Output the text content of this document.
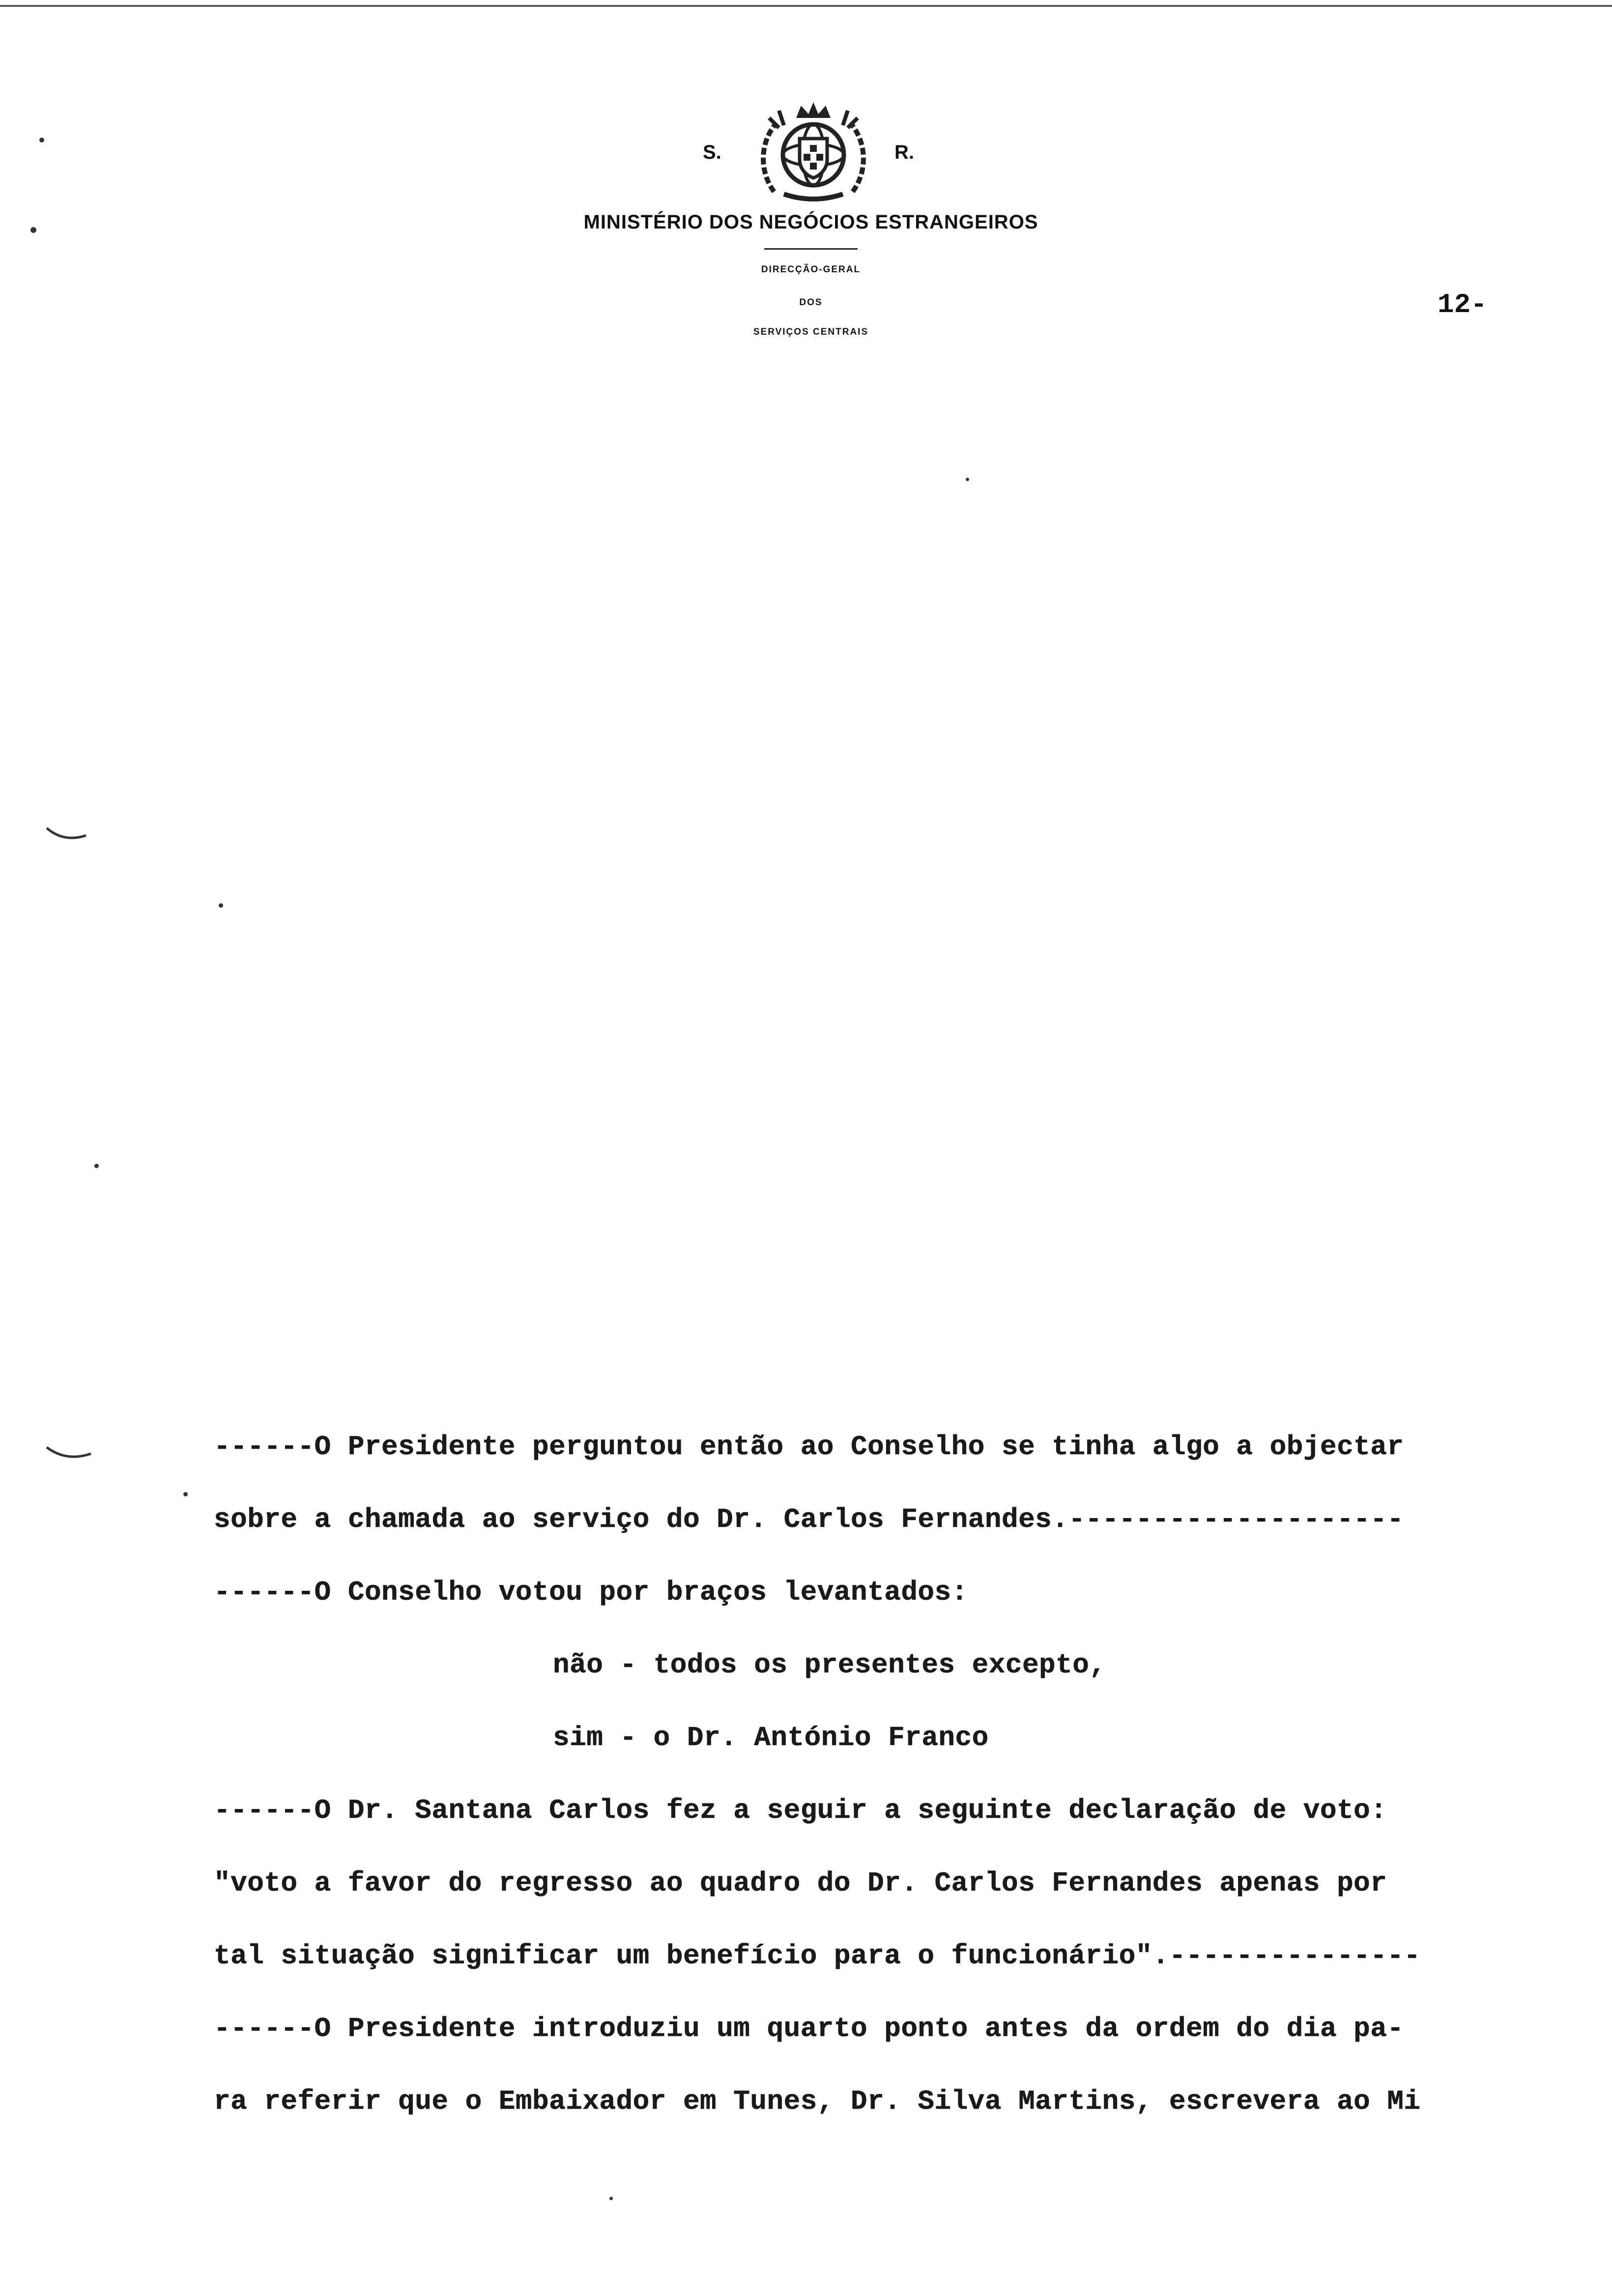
S.	R.
MINISTÉRIO DOS NEGÓCIOS ESTRANGEIROS
DIRECÇÃO-GERAL
DOS
SERVIÇOS CENTRAIS
12-
------O Presidente perguntou então ao Conselho se tinha algo a objectar
sobre a chamada ao serviço do Dr. Carlos Fernandes.--------------------
------O Conselho votou por braços levantados:
não - todos os presentes excepto,
sim - o Dr. António Franco
------O Dr. Santana Carlos fez a seguir a seguinte declaração de voto:
"voto a favor do regresso ao quadro do Dr. Carlos Fernandes apenas por
tal situação significar um benefício para o funcionário".---------------
------O Presidente introduziu um quarto ponto antes da ordem do dia pa-
ra referir que o Embaixador em Tunes, Dr. Silva Martins, escrevera ao Mi
